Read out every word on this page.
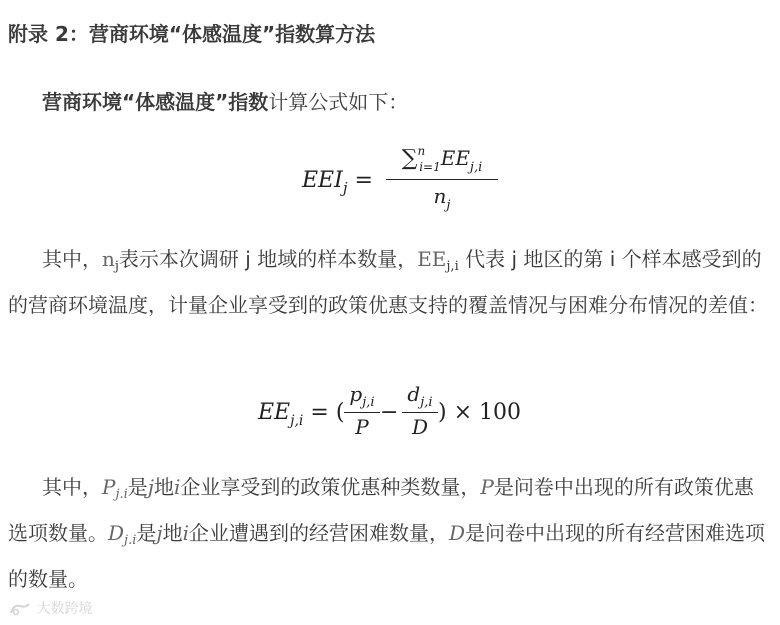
附录 2：营商环境“体感温度”指数算方法
营商环境“体感温度”指数计算公式如下：
$EEI_j$ =
$\sum^n_{i=1}EE_{j,i}$
$n_j$
其中，$n_j$表示本次调研 j 地域的样本数量，$EE_{j,i}$ 代表 j 地区的第 i 个样本感受到的的营商环境温度，计量企业享受到的政策优惠支持的覆盖情况与困难分布情况的差值：
$EE_{j,i}$ = (
$p_{j,i}$
P
−
$d_{j,i}$
D
) × 100
其中，$P_{j.i}$是j地i企业享受到的政策优惠种类数量，P是问卷中出现的所有政策优惠选项数量。$D_{j.i}$是j地i企业遭遇到的经营困难数量，D是问卷中出现的所有经营困难选项的数量。
大数跨境
